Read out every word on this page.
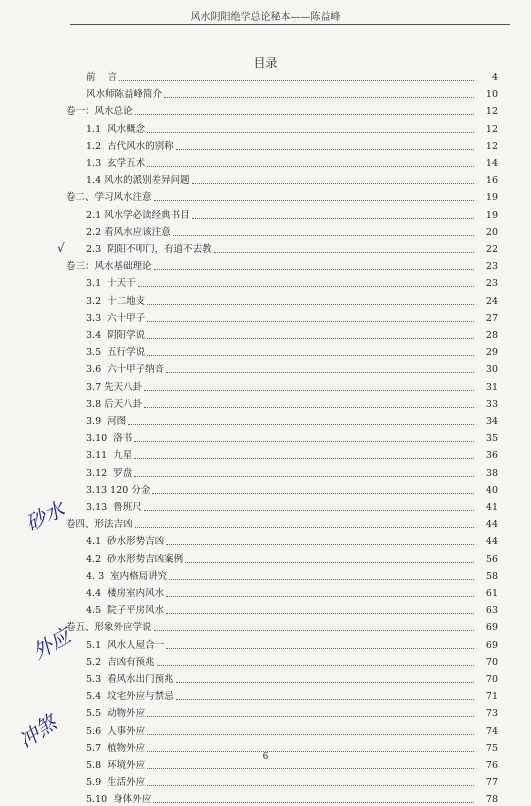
风水阴阳绝学总论秘本——陈益峰
目录
前    言	4
风水师陈益峰简介	10
卷一：风水总论	12
1.1  风水概念	12
1.2  古代风水的别称	12
1.3  玄学五术	14
1.4 风水的派别差异问题	16
卷二、学习风水注意	19
2.1 风水学必读经典书目	19
2.2 看风水应该注意	20
2.3  阴阳不叩门，有道不去教	22
卷三：风水基础理论	23
3.1  十天干	23
3.2  十二地支	24
3.3  六十甲子	27
3.4  阴阳学说	28
3.5  五行学说	29
3.6  六十甲子纳音	30
3.7 先天八卦	31
3.8 后天八卦	33
3.9  河图	34
3.10  洛书	35
3.11  九星	36
3.12  罗盘	38
3.13 120 分金	40
3.13  鲁班尺	41
卷四、形法吉凶	44
4.1  砂水形势吉凶	44
4.2  砂水形势吉凶案例	56
4. 3  室内格局讲究	58
4.4  楼房室内风水	61
4.5  院子平房风水	63
卷五、形象外应学说	69
5.1  风水人屋合一	69
5.2  吉凶有预兆	70
5.3  看风水出门预兆	70
5.4  坟宅外应与禁忌	71
5.5  动物外应	73
5.6  人事外应	74
5.7  植物外应	75
5.8  环境外应	76
5.9  生活外应	77
5.10  身体外应	78
√
砂水
外应
冲煞
6
